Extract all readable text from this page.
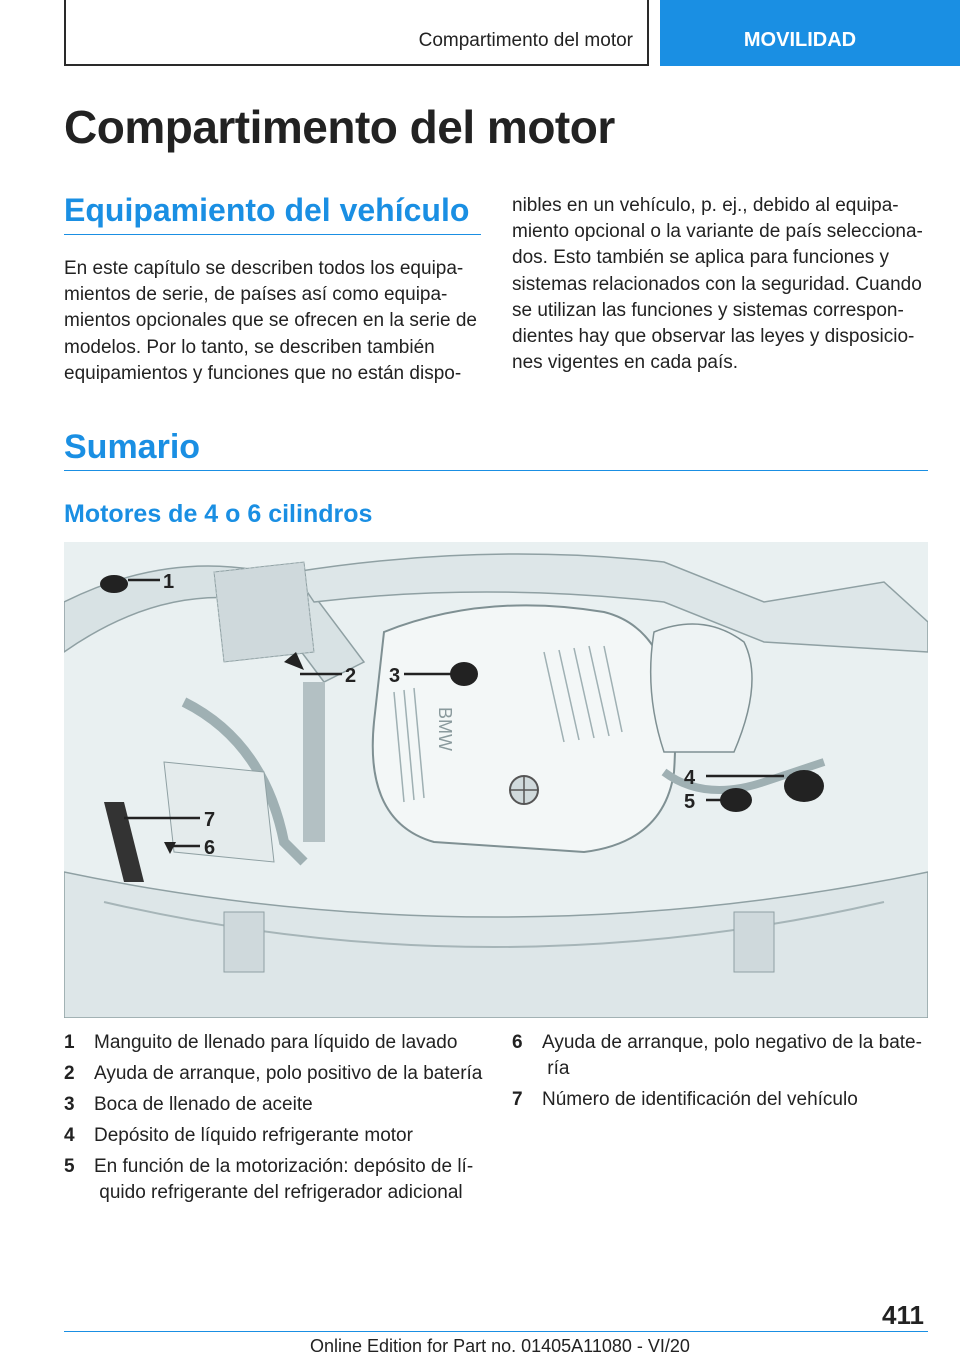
Compartimento del motor	MOVILIDAD
Compartimento del motor
Equipamiento del vehículo

En este capítulo se describen todos los equipa-
mientos de serie, de países así como equipa-
mientos opcionales que se ofrecen en la serie de
modelos. Por lo tanto, se describen también
equipamientos y funciones que no están dispo-

nibles en un vehículo, p. ej., debido al equipa-
miento opcional o la variante de país selecciona-
dos. Esto también se aplica para funciones y
sistemas relacionados con la seguridad. Cuando
se utilizan las funciones y sistemas correspon-
dientes hay que observar las leyes y disposicio-
nes vigentes en cada país.

Sumario
Motores de 4 o 6 cilindros
BMW
1
2 3
4
5
6
7
1 Manguito de llenado para líquido de lavado
2 Ayuda de arranque, polo positivo de la batería
3 Boca de llenado de aceite
4 Depósito de líquido refrigerante motor
5 En función de la motorización: depósito de lí- quido refrigerante del refrigerador adicional
6 Ayuda de arranque, polo negativo de la bate- ría
7 Número de identificación del vehículo
411
Online Edition for Part no. 01405A11080 - VI/20
